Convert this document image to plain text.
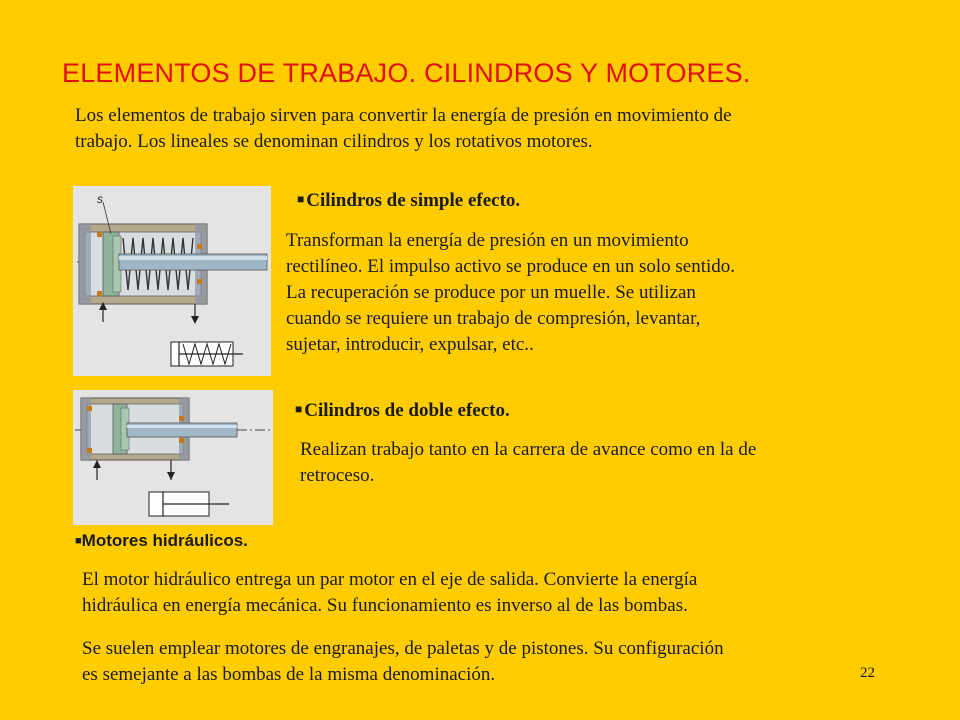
ELEMENTOS DE TRABAJO. CILINDROS Y MOTORES.
Los elementos de trabajo sirven para convertir la energía de presión en movimiento de
trabajo. Los lineales se denominan cilindros y los rotativos motores.
s	■ Cilindros de simple efecto.
Transforman la energía de presión en un movimiento
rectilíneo. El impulso activo se produce en un solo sentido.
La recuperación se produce por un muelle. Se utilizan
cuando se requiere un trabajo de compresión, levantar,
sujetar, introducir, expulsar, etc..
■ Cilindros de doble efecto.
Realizan trabajo tanto en la carrera de avance como en la de
retroceso.
■Motores hidráulicos.
El motor hidráulico entrega un par motor en el eje de salida. Convierte la energía
hidráulica en energía mecánica. Su funcionamiento es inverso al de las bombas.
Se suelen emplear motores de engranajes, de paletas y de pistones. Su configuración
es semejante a las bombas de la misma denominación.	22
